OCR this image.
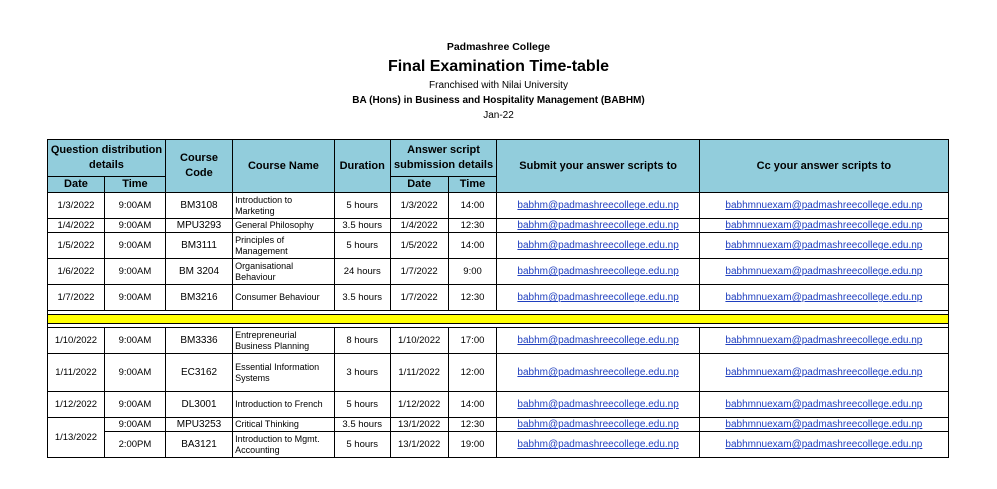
Padmashree College
Final Examination Time-table
Franchised with Nilai University
BA (Hons) in Business and Hospitality Management (BABHM)
Jan-22
Question distribution details		Course Code	Course Name	Duration	Answer script submission details		Submit your answer scripts to	Cc your answer scripts to
Date	Time				Date	Time		
1/3/2022	9:00AM	BM3108	Introduction to Marketing	5 hours	1/3/2022	14:00	babhm@padmashreecollege.edu.np	babhmnuexam@padmashreecollege.edu.np
1/4/2022	9:00AM	MPU3293	General Philosophy	3.5 hours	1/4/2022	12:30	babhm@padmashreecollege.edu.np	babhmnuexam@padmashreecollege.edu.np
1/5/2022	9:00AM	BM3111	Principles of Management	5 hours	1/5/2022	14:00	babhm@padmashreecollege.edu.np	babhmnuexam@padmashreecollege.edu.np
1/6/2022	9:00AM	BM 3204	Organisational Behaviour	24 hours	1/7/2022	9:00	babhm@padmashreecollege.edu.np	babhmnuexam@padmashreecollege.edu.np
1/7/2022	9:00AM	BM3216	Consumer Behaviour	3.5 hours	1/7/2022	12:30	babhm@padmashreecollege.edu.np	babhmnuexam@padmashreecollege.edu.np

1/10/2022	9:00AM	BM3336	Entrepreneurial Business Planning	8 hours	1/10/2022	17:00	babhm@padmashreecollege.edu.np	babhmnuexam@padmashreecollege.edu.np
1/11/2022	9:00AM	EC3162	Essential Information Systems	3 hours	1/11/2022	12:00	babhm@padmashreecollege.edu.np	babhmnuexam@padmashreecollege.edu.np
1/12/2022	9:00AM	DL3001	Introduction to French	5 hours	1/12/2022	14:00	babhm@padmashreecollege.edu.np	babhmnuexam@padmashreecollege.edu.np
1/13/2022	9:00AM	MPU3253	Critical Thinking	3.5 hours	13/1/2022	12:30	babhm@padmashreecollege.edu.np	babhmnuexam@padmashreecollege.edu.np
	2:00PM	BA3121	Introduction to Mgmt. Accounting	5 hours	13/1/2022	19:00	babhm@padmashreecollege.edu.np	babhmnuexam@padmashreecollege.edu.np
